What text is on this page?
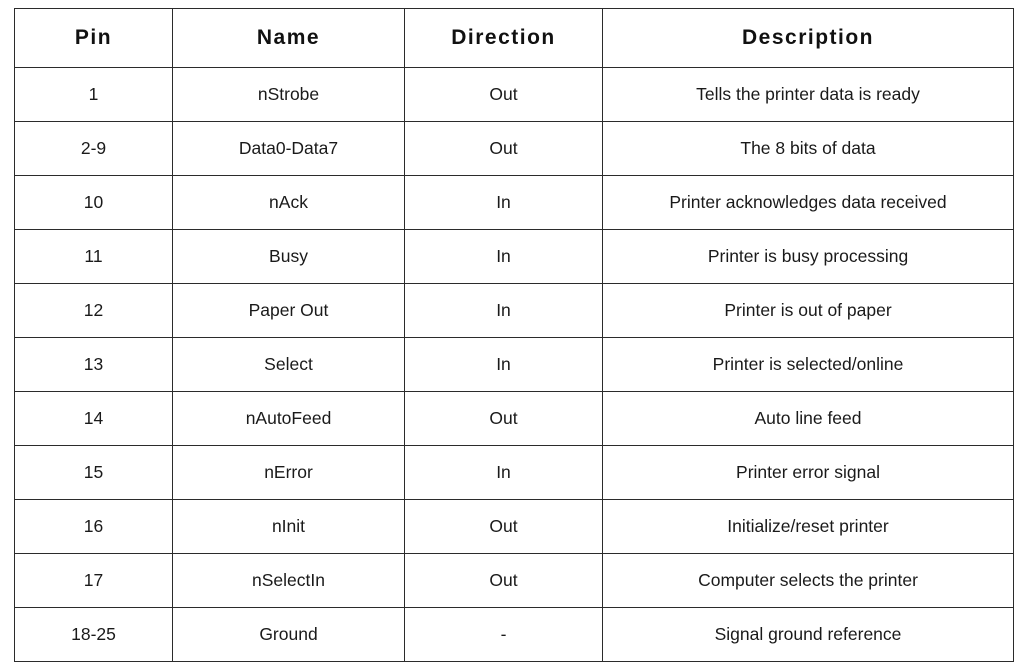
Pin	Name	Direction	Description
1	nStrobe	Out	Tells the printer data is ready
2-9	Data0-Data7	Out	The 8 bits of data
10	nAck	In	Printer acknowledges data received
11	Busy	In	Printer is busy processing
12	Paper Out	In	Printer is out of paper
13	Select	In	Printer is selected/online
14	nAutoFeed	Out	Auto line feed
15	nError	In	Printer error signal
16	nInit	Out	Initialize/reset printer
17	nSelectIn	Out	Computer selects the printer
18-25	Ground	-	Signal ground reference
